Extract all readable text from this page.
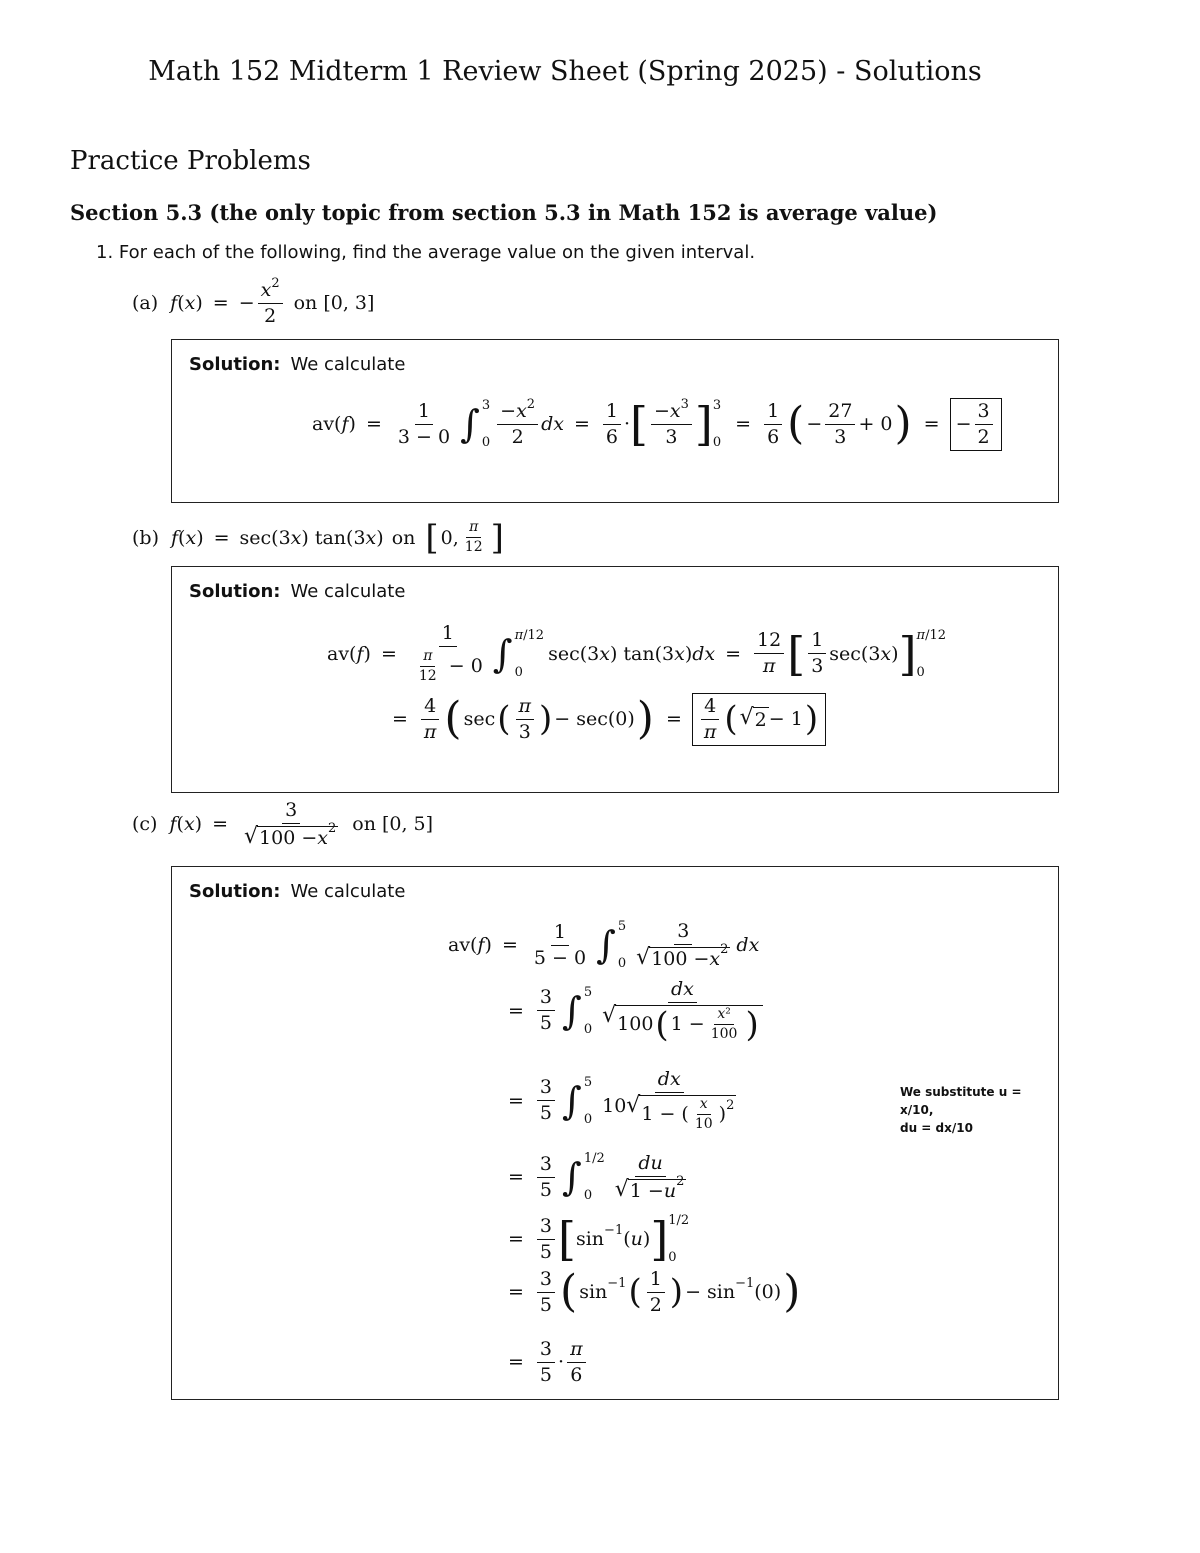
Math 152 Midterm 1 Review Sheet (Spring 2025) - Solutions
Practice Problems
Section 5.3 (the only topic from section 5.3 in Math 152 is average value)
1. For each of the following, find the average value on the given interval.
(a) f ( x ) = − $\frac{x^2}{2}$ on [0, 3]
Solution: We calculate
av( f ) = $\frac{1}{3 - 0}$ ∫ 3
$0 \frac{-x^2}{2}$ dx = $\frac{1}{6}$ · [ $\frac{-x^3}{3}$ ] 3
0
= $\frac{1}{6}$ ( − $\frac{27}{3} + 0$ ) = − $\frac{3}{2}$
(b) f ( x ) = sec(3 x ) tan(3 x ) on [ 0, $\frac{\pi}{12}$ ]
Solution: We calculate
av( f ) = $\frac{1}{\frac{\pi}{12} - 0}$ ∫ π/12
0
sec(3 x ) tan(3 x ) dx = $\frac{12}{\pi}$ [ $\frac{1}{3} \sec(3$ x ) ] π/12
0
= $\frac{4}{\pi}$ ( sec ( $\frac{\pi}{3}$ ) − sec(0) ) = $\frac{4}{\pi}$ ( √ 2 − 1 )
(c) f ( x ) = $\frac{3}{√ 100 - x 2}$ on [0, 5]
Solution: We calculate
av( f ) = $\frac{1}{5 - 0}$ ∫ 5
$0 \frac{3}{√ 100 - x 2}$ dx
= $\frac{3}{5}$ ∫ 5
$0 \frac{dx}{√ 100 ( 1 - \frac{\text{x²}}{100} )}$
= $\frac{3}{5}$ ∫ 5
$0 \frac{dx}{10 √ 1 - ( \frac{x}{10} ) 2}$	We substitute u = x/10,
du = dx/10
= $\frac{3}{5}$ ∫ 1/2
0	$\frac{du}{√ 1 - u 2}$
= $\frac{3}{5}$ [ sin −1 ( u ) ] 1/2
0
= $\frac{3}{5}$ ( sin −1 ( $\frac{1}{2}$ ) − sin −1 (0) )
= $\frac{3}{5} \cdot \frac{\pi}{6}$
